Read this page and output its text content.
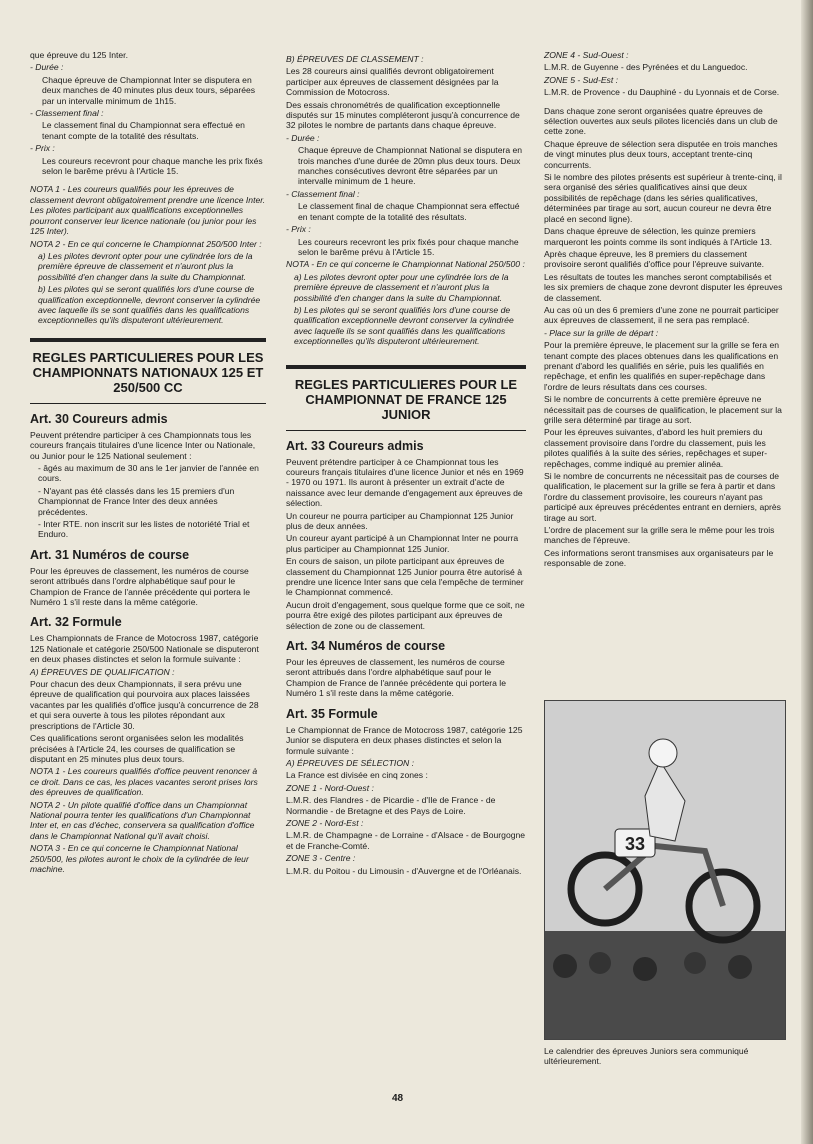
que épreuve du 125 Inter.

- Durée :

Chaque épreuve de Championnat Inter se disputera en deux manches de 40 minutes plus deux tours, séparées par un intervalle minimum de 1h15.

- Classement final :

Le classement final du Championnat sera effectué en tenant compte de la totalité des résultats.

- Prix :

Les coureurs recevront pour chaque manche les prix fixés selon le barême prévu à l'Article 15.

NOTA 1 - Les coureurs qualifiés pour les épreuves de classement devront obligatoirement prendre une licence Inter. Les pilotes participant aux qualifications exceptionnelles pourront conserver leur licence nationale (ou junior pour les 125 Inter).

NOTA 2 - En ce qui concerne le Championnat 250/500 Inter :

a) Les pilotes devront opter pour une cylindrée lors de la première épreuve de classement et n'auront plus la possibilité d'en changer dans la suite du Championnat.

b) Les pilotes qui se seront qualifiés lors d'une course de qualification exceptionnelle, devront conserver la cylindrée avec laquelle ils se sont qualifiés dans les qualifications exceptionnelles qu'ils disputeront ultérieurement.

REGLES PARTICULIERES POUR LES CHAMPIONNATS NATIONAUX 125 ET 250/500 CC
Art. 30 Coureurs admis

Peuvent prétendre participer à ces Championnats tous les coureurs français titulaires d'une licence Inter ou Nationale, ou Junior pour le 125 National seulement :

- âgés au maximum de 30 ans le 1er janvier de l'année en cours.

- N'ayant pas été classés dans les 15 premiers d'un Championnat de France Inter des deux années précédentes.

- Inter RTE. non inscrit sur les listes de notoriété Trial et Enduro.

Art. 31 Numéros de course

Pour les épreuves de classement, les numéros de course seront attribués dans l'ordre alphabétique sauf pour le Champion de France de l'année précédente qui portera le Numéro 1 s'il reste dans la même catégorie.

Art. 32 Formule

Les Championnats de France de Motocross 1987, catégorie 125 Nationale et catégorie 250/500 Nationale se disputeront en deux phases distinctes et selon la formule suivante :

A) ÉPREUVES DE QUALIFICATION :

Pour chacun des deux Championnats, il sera prévu une épreuve de qualification qui pourvoira aux places laissées vacantes par les qualifiés d'office jusqu'à concurrence de 28 et qui sera ouverte à tous les pilotes répondant aux prescriptions de l'Article 30.

Ces qualifications seront organisées selon les modalités précisées à l'Article 24, les courses de qualification se disputant en 25 minutes plus deux tours.

NOTA 1 - Les coureurs qualifiés d'office peuvent renoncer à ce droit. Dans ce cas, les places vacantes seront prises lors des épreuves de qualification.

NOTA 2 - Un pilote qualifié d'office dans un Championnat National pourra tenter les qualifications d'un Championnat Inter et, en cas d'échec, conservera sa qualification d'office dans le Championnat National qu'il avait choisi.

NOTA 3 - En ce qui concerne le Championnat National 250/500, les pilotes auront le choix de la cylindrée de leur machine.

B) ÉPREUVES DE CLASSEMENT :

Les 28 coureurs ainsi qualifiés devront obligatoirement participer aux épreuves de classement désignées par la Commission de Motocross.

Des essais chronométrés de qualification exceptionnelle disputés sur 15 minutes compléteront jusqu'à concurrence de 32 pilotes le nombre de partants dans chaque épreuve.

- Durée :

Chaque épreuve de Championnat National se disputera en trois manches d'une durée de 20mn plus deux tours. Deux manches consécutives devront être séparées par un intervalle minimum de 1 heure.

- Classement final :

Le classement final de chaque Championnat sera effectué en tenant compte de la totalité des résultats.

- Prix :

Les coureurs recevront les prix fixés pour chaque manche selon le barême prévu à l'Article 15.

NOTA - En ce qui concerne le Championnat National 250/500 :

a) Les pilotes devront opter pour une cylindrée lors de la première épreuve de classement et n'auront plus la possibilité d'en changer dans la suite du Championnat.

b) Les pilotes qui se seront qualifiés lors d'une course de qualification exceptionnelle devront conserver la cylindrée avec laquelle ils se sont qualifiés dans les qualifications exceptionnelles qu'ils disputeront ultérieurement.

REGLES PARTICULIERES POUR LE CHAMPIONNAT DE FRANCE 125 JUNIOR
Art. 33 Coureurs admis

Peuvent prétendre participer à ce Championnat tous les coureurs français titulaires d'une licence Junior et nés en 1969 - 1970 ou 1971. Ils auront à présenter un extrait d'acte de naissance avec leur demande d'engagement aux épreuves de sélection.

Un coureur ne pourra participer au Championnat 125 Junior plus de deux années.

Un coureur ayant participé à un Championnat Inter ne pourra plus participer au Championnat 125 Junior.

En cours de saison, un pilote participant aux épreuves de classement du Championnat 125 Junior pourra être autorisé à prendre une licence Inter sans que cela l'empêche de terminer le Championnat commencé.

Aucun droit d'engagement, sous quelque forme que ce soit, ne pourra être exigé des pilotes participant aux épreuves de sélection de zone ou de classement.

Art. 34 Numéros de course

Pour les épreuves de classement, les numéros de course seront attribués dans l'ordre alphabétique sauf pour le Champion de France de l'année précédente qui portera le Numéro 1 s'il reste dans la même catégorie.

Art. 35 Formule

Le Championnat de France de Motocross 1987, catégorie 125 Junior se disputera en deux phases distinctes et selon la formule suivante :

A) ÉPREUVES DE SÉLECTION :

La France est divisée en cinq zones :

ZONE 1 - Nord-Ouest :

L.M.R. des Flandres - de Picardie - d'Ile de France - de Normandie - de Bretagne et des Pays de Loire.

ZONE 2 - Nord-Est :

L.M.R. de Champagne - de Lorraine - d'Alsace - de Bourgogne et de Franche-Comté.

ZONE 3 - Centre :

L.M.R. du Poitou - du Limousin - d'Auvergne et de l'Orléanais.

ZONE 4 - Sud-Ouest :

L.M.R. de Guyenne - des Pyrénées et du Languedoc.

ZONE 5 - Sud-Est :

L.M.R. de Provence - du Dauphiné - du Lyonnais et de Corse.

Dans chaque zone seront organisées quatre épreuves de sélection ouvertes aux seuls pilotes licenciés dans un club de cette zone.

Chaque épreuve de sélection sera disputée en trois manches de vingt minutes plus deux tours, acceptant trente-cinq concurrents.

Si le nombre des pilotes présents est supérieur à trente-cinq, il sera organisé des séries qualificatives ainsi que deux possibilités de repêchage (dans les séries qualificatives, déterminées par tirage au sort, aucun coureur ne devra être placé en second ligne).

Dans chaque épreuve de sélection, les quinze premiers marqueront les points comme ils sont indiqués à l'Article 13.

Après chaque épreuve, les 8 premiers du classement provisoire seront qualifiés d'office pour l'épreuve suivante.

Les résultats de toutes les manches seront comptabilisés et les six premiers de chaque zone devront disputer les épreuves de classement.

Au cas où un des 6 premiers d'une zone ne pourrait participer aux épreuves de classement, il ne sera pas remplacé.

- Place sur la grille de départ :

Pour la première épreuve, le placement sur la grille se fera en tenant compte des places obtenues dans les qualifications en prenant d'abord les qualifiés en série, puis les qualifiés en repêchage, et enfin les qualifiés en super-repêchage dans l'ordre de leurs résultats dans ces courses.

Si le nombre de concurrents à cette première épreuve ne nécessitait pas de courses de qualification, le placement sur la grille sera déterminé par tirage au sort.

Pour les épreuves suivantes, d'abord les huit premiers du classement provisoire dans l'ordre du classement, puis les pilotes qualifiés à la suite des séries, repêchages et super-repêchages, comme indiqué au premier alinéa.

Si le nombre de concurrents ne nécessitait pas de courses de qualification, le placement sur la grille se fera à partir et dans l'ordre du classement provisoire, les coureurs n'ayant pas participé aux épreuves précédentes entrant en derniers, après tirage au sort.

L'ordre de placement sur la grille sera le même pour les trois manches de l'épreuve.

Ces informations seront transmises aux organisateurs par le responsable de zone.

33
Le calendrier des épreuves Juniors sera communiqué ultérieurement.
48
